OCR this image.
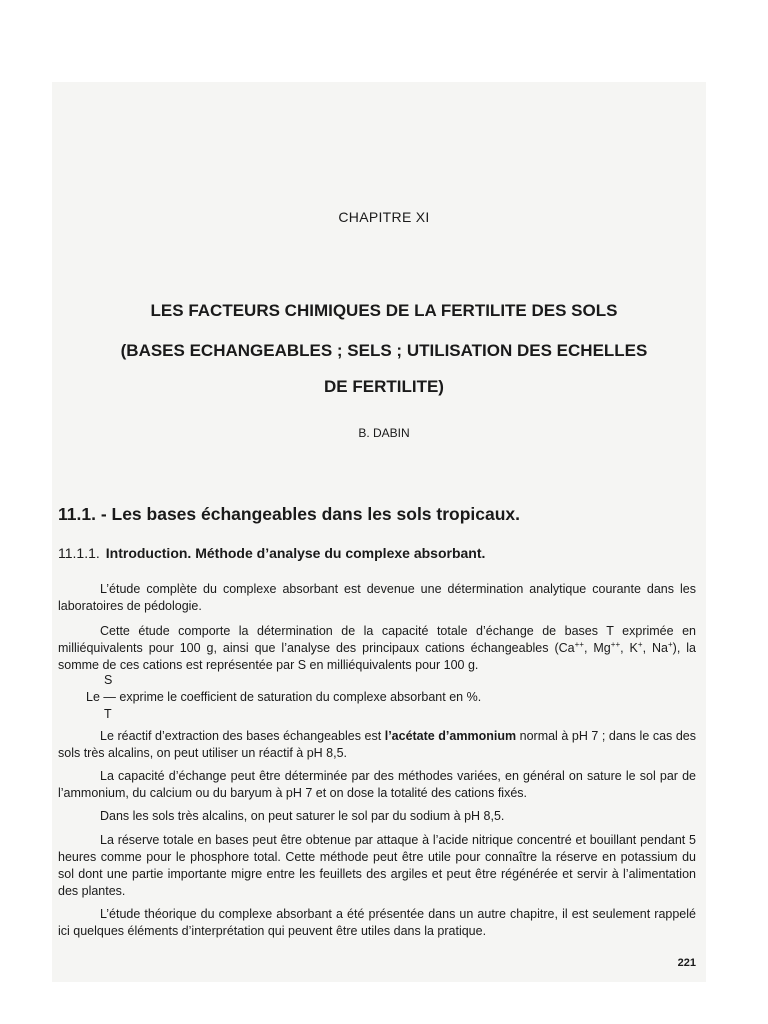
CHAPITRE XI
LES FACTEURS CHIMIQUES DE LA FERTILITE DES SOLS
(BASES ECHANGEABLES ; SELS ; UTILISATION DES ECHELLES
DE FERTILITE)
B. DABIN
11.1. - Les bases échangeables dans les sols tropicaux.
11.1.1. Introduction. Méthode d’analyse du complexe absorbant.
L’étude complète du complexe absorbant est devenue une détermination analytique courante dans les laboratoires de pédologie.
Cette étude comporte la détermination de la capacité totale d’échange de bases T exprimée en milliéquivalents pour 100 g, ainsi que l’analyse des principaux cations échangeables (Ca++, Mg++, K+, Na+), la somme de ces cations est représentée par S en milliéquivalents pour 100 g.
S
Le — exprime le coefficient de saturation du complexe absorbant en %.
T
Le réactif d’extraction des bases échangeables est l’acétate d’ammonium normal à pH 7 ; dans le cas des sols très alcalins, on peut utiliser un réactif à pH 8,5.
La capacité d’échange peut être déterminée par des méthodes variées, en général on sature le sol par de l’ammonium, du calcium ou du baryum à pH 7 et on dose la totalité des cations fixés.
Dans les sols très alcalins, on peut saturer le sol par du sodium à pH 8,5.
La réserve totale en bases peut être obtenue par attaque à l’acide nitrique concentré et bouillant pendant 5 heures comme pour le phosphore total. Cette méthode peut être utile pour connaître la réserve en potassium du sol dont une partie importante migre entre les feuillets des argiles et peut être régénérée et servir à l’alimentation des plantes.
L’étude théorique du complexe absorbant a été présentée dans un autre chapitre, il est seulement rappelé ici quelques éléments d’interprétation qui peuvent être utiles dans la pratique.
221
